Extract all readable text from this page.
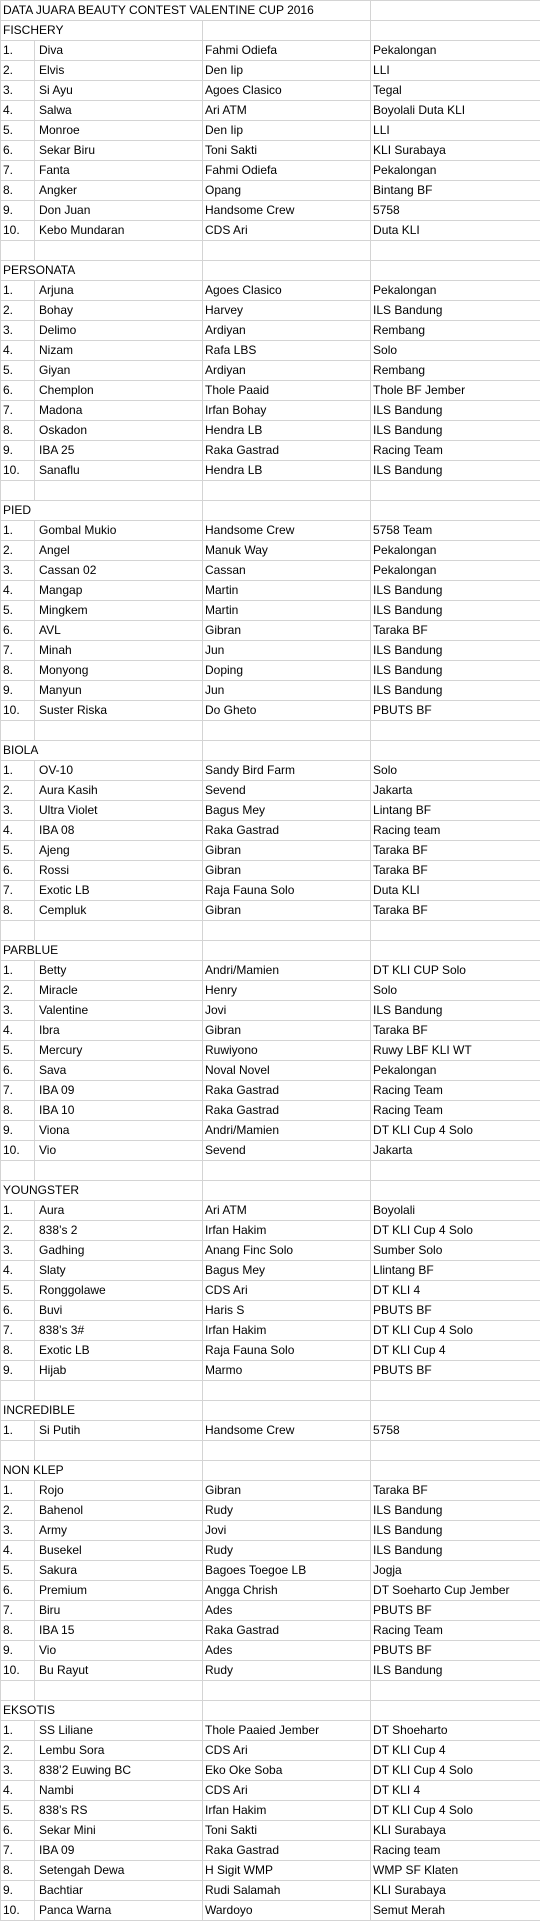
DATA JUARA BEAUTY CONTEST VALENTINE CUP 2016			
FISCHERY			
1.	Diva	Fahmi Odiefa	Pekalongan
2.	Elvis	Den Iip	LLI
3.	Si Ayu	Agoes Clasico	Tegal
4.	Salwa	Ari ATM	Boyolali Duta KLI
5.	Monroe	Den Iip	LLI
6.	Sekar Biru	Toni Sakti	KLI Surabaya
7.	Fanta	Fahmi Odiefa	Pekalongan
8.	Angker	Opang	Bintang BF
9.	Don Juan	Handsome Crew	5758
10.	Kebo Mundaran	CDS Ari	Duta KLI

PERSONATA			
1.	Arjuna	Agoes Clasico	Pekalongan
2.	Bohay	Harvey	ILS Bandung
3.	Delimo	Ardiyan	Rembang
4.	Nizam	Rafa LBS	Solo
5.	Giyan	Ardiyan	Rembang
6.	Chemplon	Thole Paaid	Thole BF Jember
7.	Madona	Irfan Bohay	ILS Bandung
8.	Oskadon	Hendra LB	ILS Bandung
9.	IBA 25	Raka Gastrad	Racing Team
10.	Sanaflu	Hendra LB	ILS Bandung

PIED			
1.	Gombal Mukio	Handsome Crew	5758 Team
2.	Angel	Manuk Way	Pekalongan
3.	Cassan 02	Cassan	Pekalongan
4.	Mangap	Martin	ILS Bandung
5.	Mingkem	Martin	ILS Bandung
6.	AVL	Gibran	Taraka BF
7.	Minah	Jun	ILS Bandung
8.	Monyong	Doping	ILS Bandung
9.	Manyun	Jun	ILS Bandung
10.	Suster Riska	Do Gheto	PBUTS BF

BIOLA			
1.	OV-10	Sandy Bird Farm	Solo
2.	Aura Kasih	Sevend	Jakarta
3.	Ultra Violet	Bagus Mey	Lintang BF
4.	IBA 08	Raka Gastrad	Racing team
5.	Ajeng	Gibran	Taraka BF
6.	Rossi	Gibran	Taraka BF
7.	Exotic LB	Raja Fauna Solo	Duta KLI
8.	Cempluk	Gibran	Taraka BF

PARBLUE			
1.	Betty	Andri/Mamien	DT KLI CUP Solo
2.	Miracle	Henry	Solo
3.	Valentine	Jovi	ILS Bandung
4.	Ibra	Gibran	Taraka BF
5.	Mercury	Ruwiyono	Ruwy LBF KLI WT
6.	Sava	Noval Novel	Pekalongan
7.	IBA 09	Raka Gastrad	Racing Team
8.	IBA 10	Raka Gastrad	Racing Team
9.	Viona	Andri/Mamien	DT KLI Cup 4 Solo
10.	Vio	Sevend	Jakarta

YOUNGSTER			
1.	Aura	Ari ATM	Boyolali
2.	838’s 2	Irfan Hakim	DT KLI Cup 4 Solo
3.	Gadhing	Anang Finc Solo	Sumber Solo
4.	Slaty	Bagus Mey	Llintang BF
5.	Ronggolawe	CDS Ari	DT KLI 4
6.	Buvi	Haris S	PBUTS BF
7.	838’s 3#	Irfan Hakim	DT KLI Cup 4 Solo
8.	Exotic LB	Raja Fauna Solo	DT KLI Cup 4
9.	Hijab	Marmo	PBUTS BF

INCREDIBLE			
1.	Si Putih	Handsome Crew	5758

NON KLEP			
1.	Rojo	Gibran	Taraka BF
2.	Bahenol	Rudy	ILS Bandung
3.	Army	Jovi	ILS Bandung
4.	Busekel	Rudy	ILS Bandung
5.	Sakura	Bagoes Toegoe LB	Jogja
6.	Premium	Angga Chrish	DT Soeharto Cup Jember
7.	Biru	Ades	PBUTS BF
8.	IBA 15	Raka Gastrad	Racing Team
9.	Vio	Ades	PBUTS BF
10.	Bu Rayut	Rudy	ILS Bandung

EKSOTIS			
1.	SS Liliane	Thole Paaied Jember	DT Shoeharto
2.	Lembu Sora	CDS Ari	DT KLI Cup 4
3.	838’2 Euwing BC	Eko Oke Soba	DT KLI Cup 4 Solo
4.	Nambi	CDS Ari	DT KLI 4
5.	838’s RS	Irfan Hakim	DT KLI Cup 4 Solo
6.	Sekar Mini	Toni Sakti	KLI Surabaya
7.	IBA 09	Raka Gastrad	Racing team
8.	Setengah Dewa	H Sigit WMP	WMP SF Klaten
9.	Bachtiar	Rudi Salamah	KLI Surabaya
10.	Panca Warna	Wardoyo	Semut Merah
